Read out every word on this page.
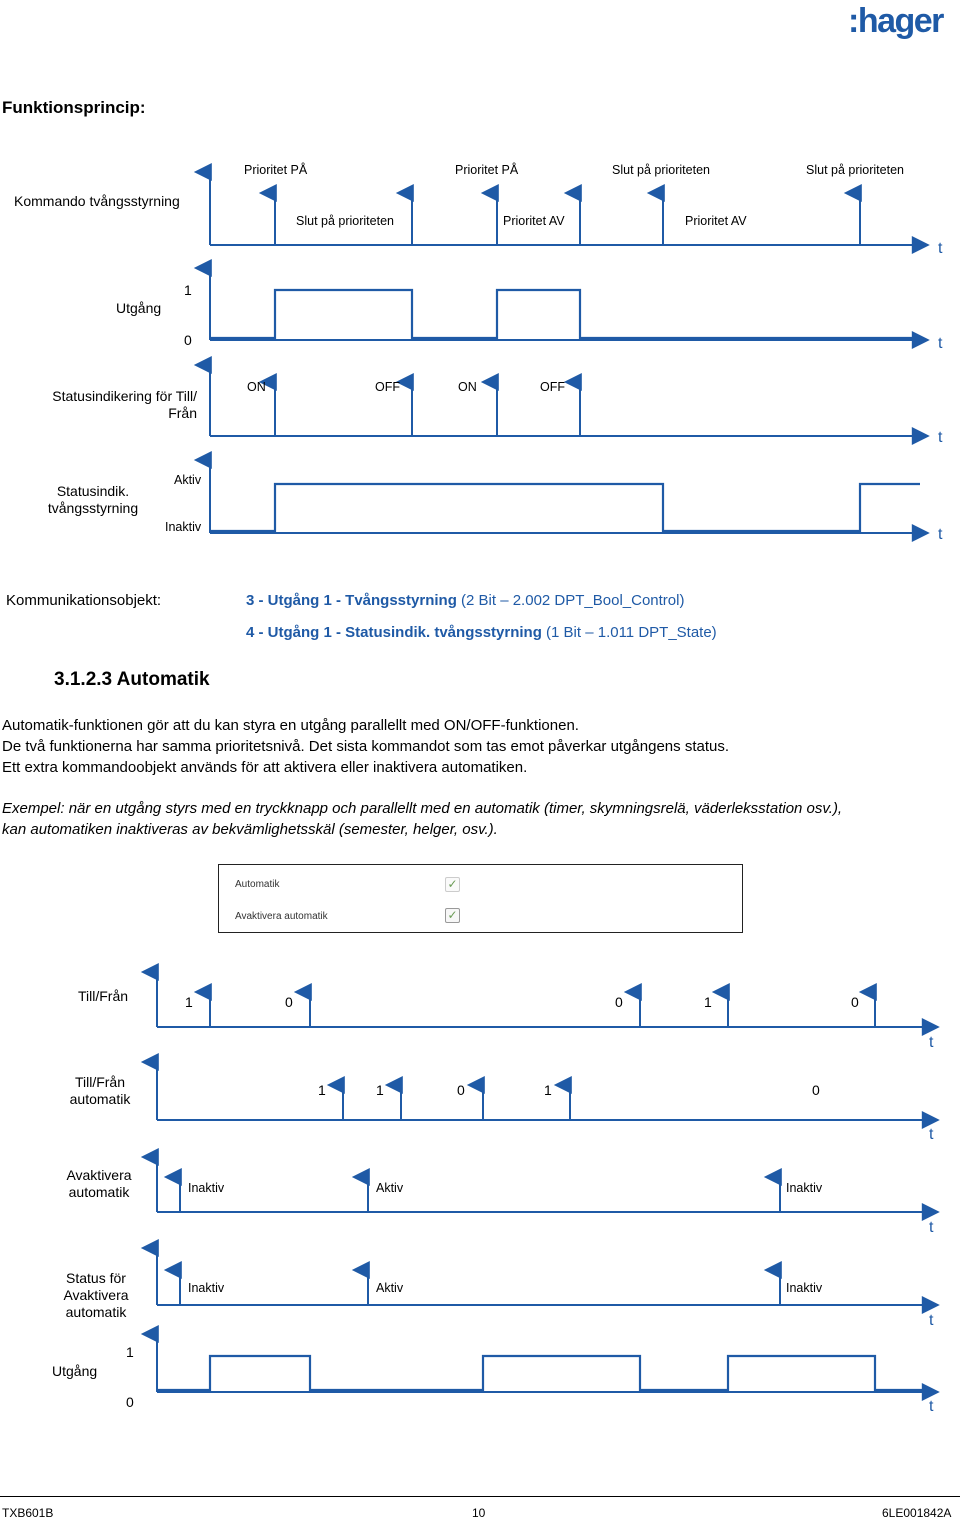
:hager
Funktionsprincip:
Prioritet PÅ	Prioritet PÅ	Slut på prioriteten	Slut på prioriteten
Slut på prioriteten	Prioritet AV	Prioritet AV
Kommando tvångsstyrning
Utgång
1
0
Statusindikering för Till/ Från
Statusindik. tvångsstyrning
Aktiv
Inaktiv
ON	OFF	ON	OFF
t
t
t
t
Kommunikationsobjekt:	3 - Utgång 1 - Tvångsstyrning (2 Bit – 2.002 DPT_Bool_Control)
4 - Utgång 1 - Statusindik. tvångsstyrning (1 Bit – 1.011 DPT_State)
3.1.2.3 Automatik
Automatik-funktionen gör att du kan styra en utgång parallellt med ON/OFF-funktionen.
De två funktionerna har samma prioritetsnivå. Det sista kommandot som tas emot påverkar utgångens status.
Ett extra kommandoobjekt används för att aktivera eller inaktivera automatiken.
Exempel: när en utgång styrs med en tryckknapp och parallellt med en automatik (timer, skymningsrelä, väderleksstation osv.),
kan automatiken inaktiveras av bekvämlighetsskäl (semester, helger, osv.).
Automatik	✓
Avaktivera automatik	✓
Till/Från	1	0	0	1	0
Till/Från automatik
1	1	0	1	0
Avaktivera automatik	Inaktiv	Aktiv	Inaktiv
Status för Avaktivera automatik
Inaktiv	Aktiv	Inaktiv
Utgång
1
0
t
t
t
t
t
TXB601B	10	6LE001842A
